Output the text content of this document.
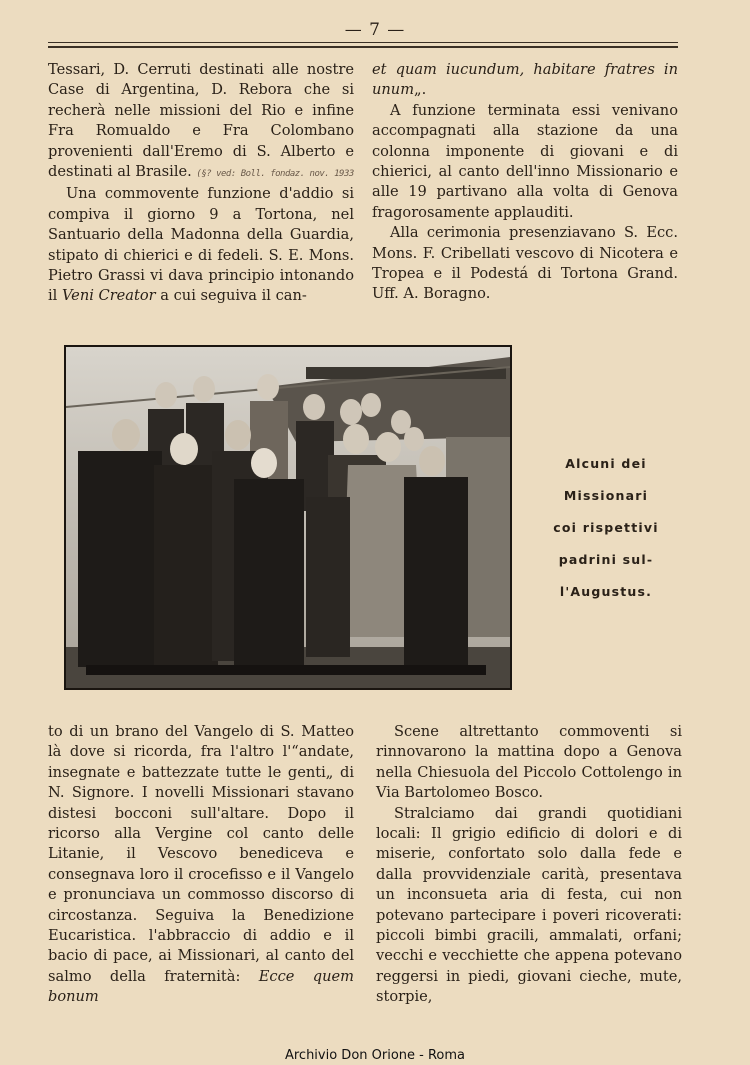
— 7 —

Tessari, D. Cerruti destinati alle nostre Case di Argentina, D. Rebora che si recherà nelle missioni del Rio e infine Fra Romualdo e Fra Colombano provenienti dall'Eremo di S. Alberto e destinati al Brasile. (§? ved: Boll. fondaz. nov. 1933

Una commovente funzione d'addio si compiva il giorno 9 a Tortona, nel Santuario della Madonna della Guardia, stipato di chierici e di fedeli. S. E. Mons. Pietro Grassi vi dava principio intonando il Veni Creator a cui seguiva il can-

et quam iucundum, habitare fratres in unum„.

A funzione terminata essi venivano accompagnati alla stazione da una colonna imponente di giovani e di chierici, al canto dell'inno Missionario e alle 19 partivano alla volta di Genova fragorosamente applauditi.

Alla cerimonia presenziavano S. Ecc. Mons. F. Cribellati vescovo di Nicotera e Tropea e il Podestá di Tortona Grand. Uff. A. Boragno.

Alcuni dei
Missionari
coi rispettivi
padrini sul-
l'Augustus.

to di un brano del Vangelo di S. Matteo là dove si ricorda, fra l'altro l'“andate, insegnate e battezzate tutte le genti„ di N. Signore. I novelli Missionari stavano distesi bocconi sull'altare. Dopo il ricorso alla Vergine col canto delle Litanie, il Vescovo benediceva e consegnava loro il crocefisso e il Vangelo e pronunciava un commosso discorso di circostanza. Seguiva la Benedizione Eucaristica. l'abbraccio di addio e il bacio di pace, ai Missionari, al canto del salmo della fraternità: Ecce quem bonum

Scene altrettanto commoventi si rinnovarono la mattina dopo a Genova nella Chiesuola del Piccolo Cottolengo in Via Bartolomeo Bosco.

Stralciamo dai grandi quotidiani locali: Il grigio edificio di dolori e di miserie, confortato solo dalla fede e dalla provvidenziale carità, presentava un inconsueta aria di festa, cui non potevano partecipare i poveri ricoverati: piccoli bimbi gracili, ammalati, orfani; vecchi e vecchiette che appena potevano reggersi in piedi, giovani cieche, mute, storpie,

Archivio Don Orione - Roma
